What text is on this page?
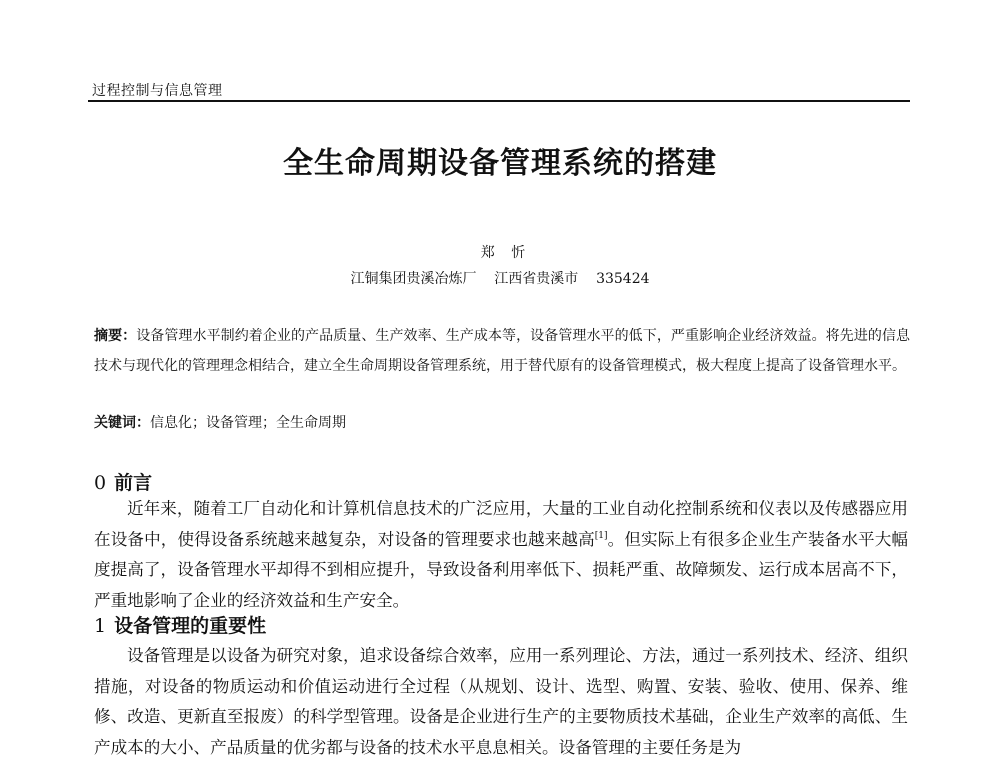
过程控制与信息管理
全生命周期设备管理系统的搭建
郑 忻
江铜集团贵溪冶炼厂    江西省贵溪市    335424
摘要：设备管理水平制约着企业的产品质量、生产效率、生产成本等，设备管理水平的低下，严重影响企业经济效益。将先进的信息技术与现代化的管理理念相结合，建立全生命周期设备管理系统，用于替代原有的设备管理模式，极大程度上提高了设备管理水平。
关键词：信息化；设备管理；全生命周期
0 前言
近年来，随着工厂自动化和计算机信息技术的广泛应用，大量的工业自动化控制系统和仪表以及传感器应用在设备中，使得设备系统越来越复杂，对设备的管理要求也越来越高[1]。但实际上有很多企业生产装备水平大幅度提高了，设备管理水平却得不到相应提升，导致设备利用率低下、损耗严重、故障频发、运行成本居高不下，严重地影响了企业的经济效益和生产安全。
1 设备管理的重要性
设备管理是以设备为研究对象，追求设备综合效率，应用一系列理论、方法，通过一系列技术、经济、组织措施，对设备的物质运动和价值运动进行全过程（从规划、设计、选型、购置、安装、验收、使用、保养、维修、改造、更新直至报废）的科学型管理。设备是企业进行生产的主要物质技术基础，企业生产效率的高低、生产成本的大小、产品质量的优劣都与设备的技术水平息息相关。设备管理的主要任务是为
